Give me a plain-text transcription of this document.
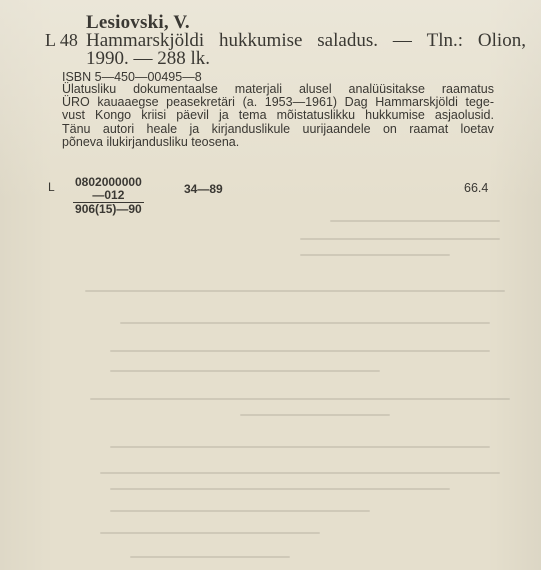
Lesiovski, V.
L 48 Hammarskjöldi hukkumise saladus. — Tln.: Olion,
1990. — 288 lk.
ISBN 5—450—00495—8
Ülatusliku dokumentaalse materjali alusel analüüsitakse raamatus
ÜRO kauaaegse peasekretäri (a. 1953—1961) Dag Hammarskjöldi tege-
vust Kongo kriisi päevil ja tema mõistatuslikku hukkumise asjaolusid.
Tänu autori heale ja kirjanduslikule uurijaandele on raamat loetav
põneva ilukirjandusliku teosena.
L $\frac{0802000000—012}{906(15)—90}$	34—89	66.4
